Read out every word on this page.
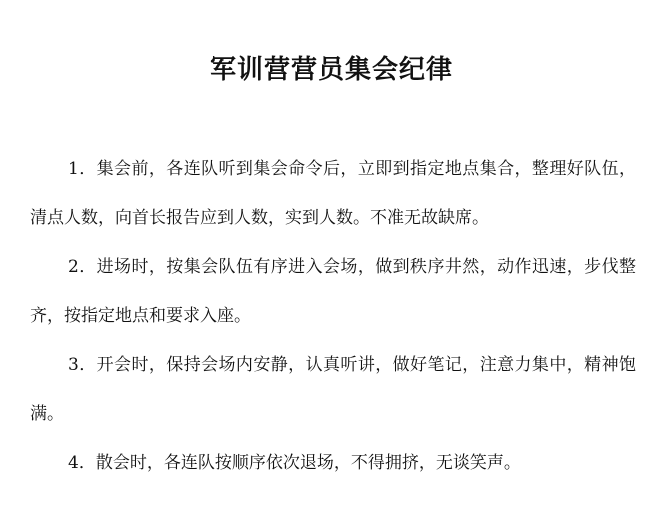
军训营营员集会纪律

1．集会前，各连队听到集会命令后，立即到指定地点集合，整理好队伍，清点人数，向首长报告应到人数，实到人数。不准无故缺席。

2．进场时，按集会队伍有序进入会场，做到秩序井然，动作迅速，步伐整齐，按指定地点和要求入座。

3．开会时，保持会场内安静，认真听讲，做好笔记，注意力集中，精神饱满。

4．散会时，各连队按顺序依次退场，不得拥挤，无谈笑声。
